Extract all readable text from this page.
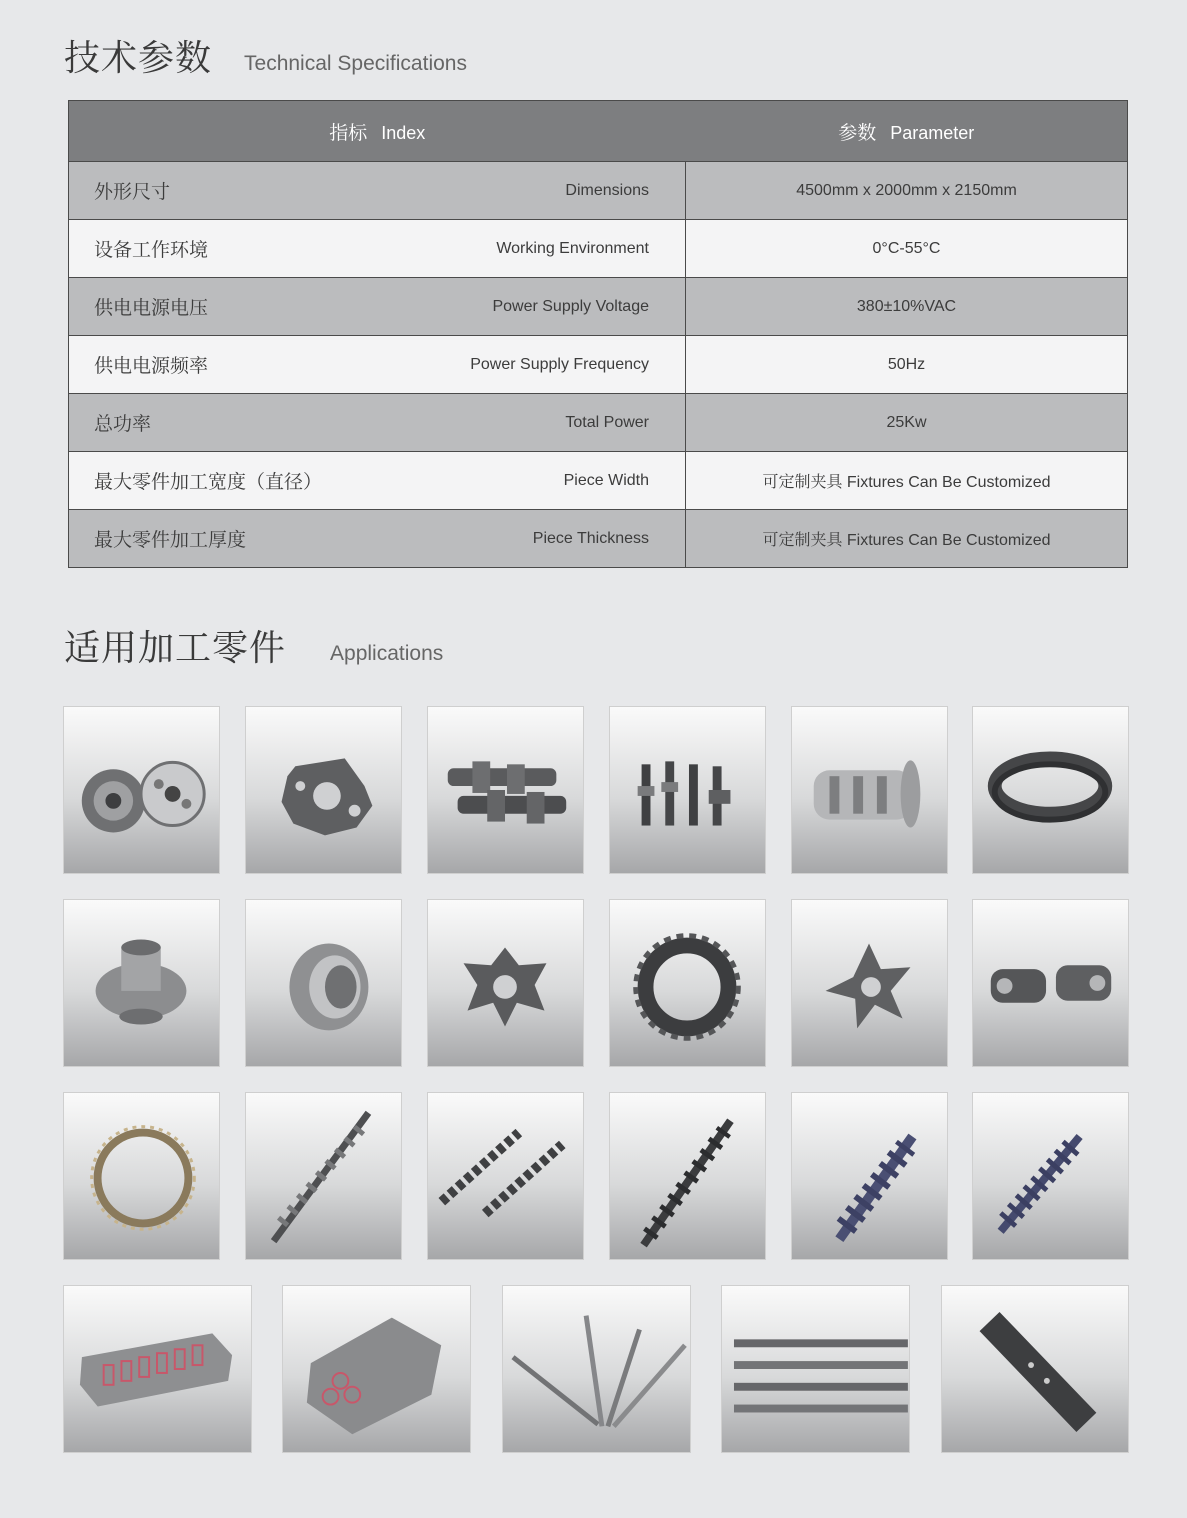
技术参数 Technical Specifications
指标 Index	参数 Parameter

外形尺寸 Dimensions	4500mm x 2000mm x 2150mm

设备工作环境 Working Environment	0°C-55°C

供电电源电压 Power Supply Voltage	380±10%VAC

供电电源频率 Power Supply Frequency	50Hz

总功率 Total Power	25Kw

最大零件加工宽度（直径） Piece Width	可定制夹具 Fixtures Can Be Customized

最大零件加工厚度 Piece Thickness	可定制夹具 Fixtures Can Be Customized
适用加工零件 Applications
